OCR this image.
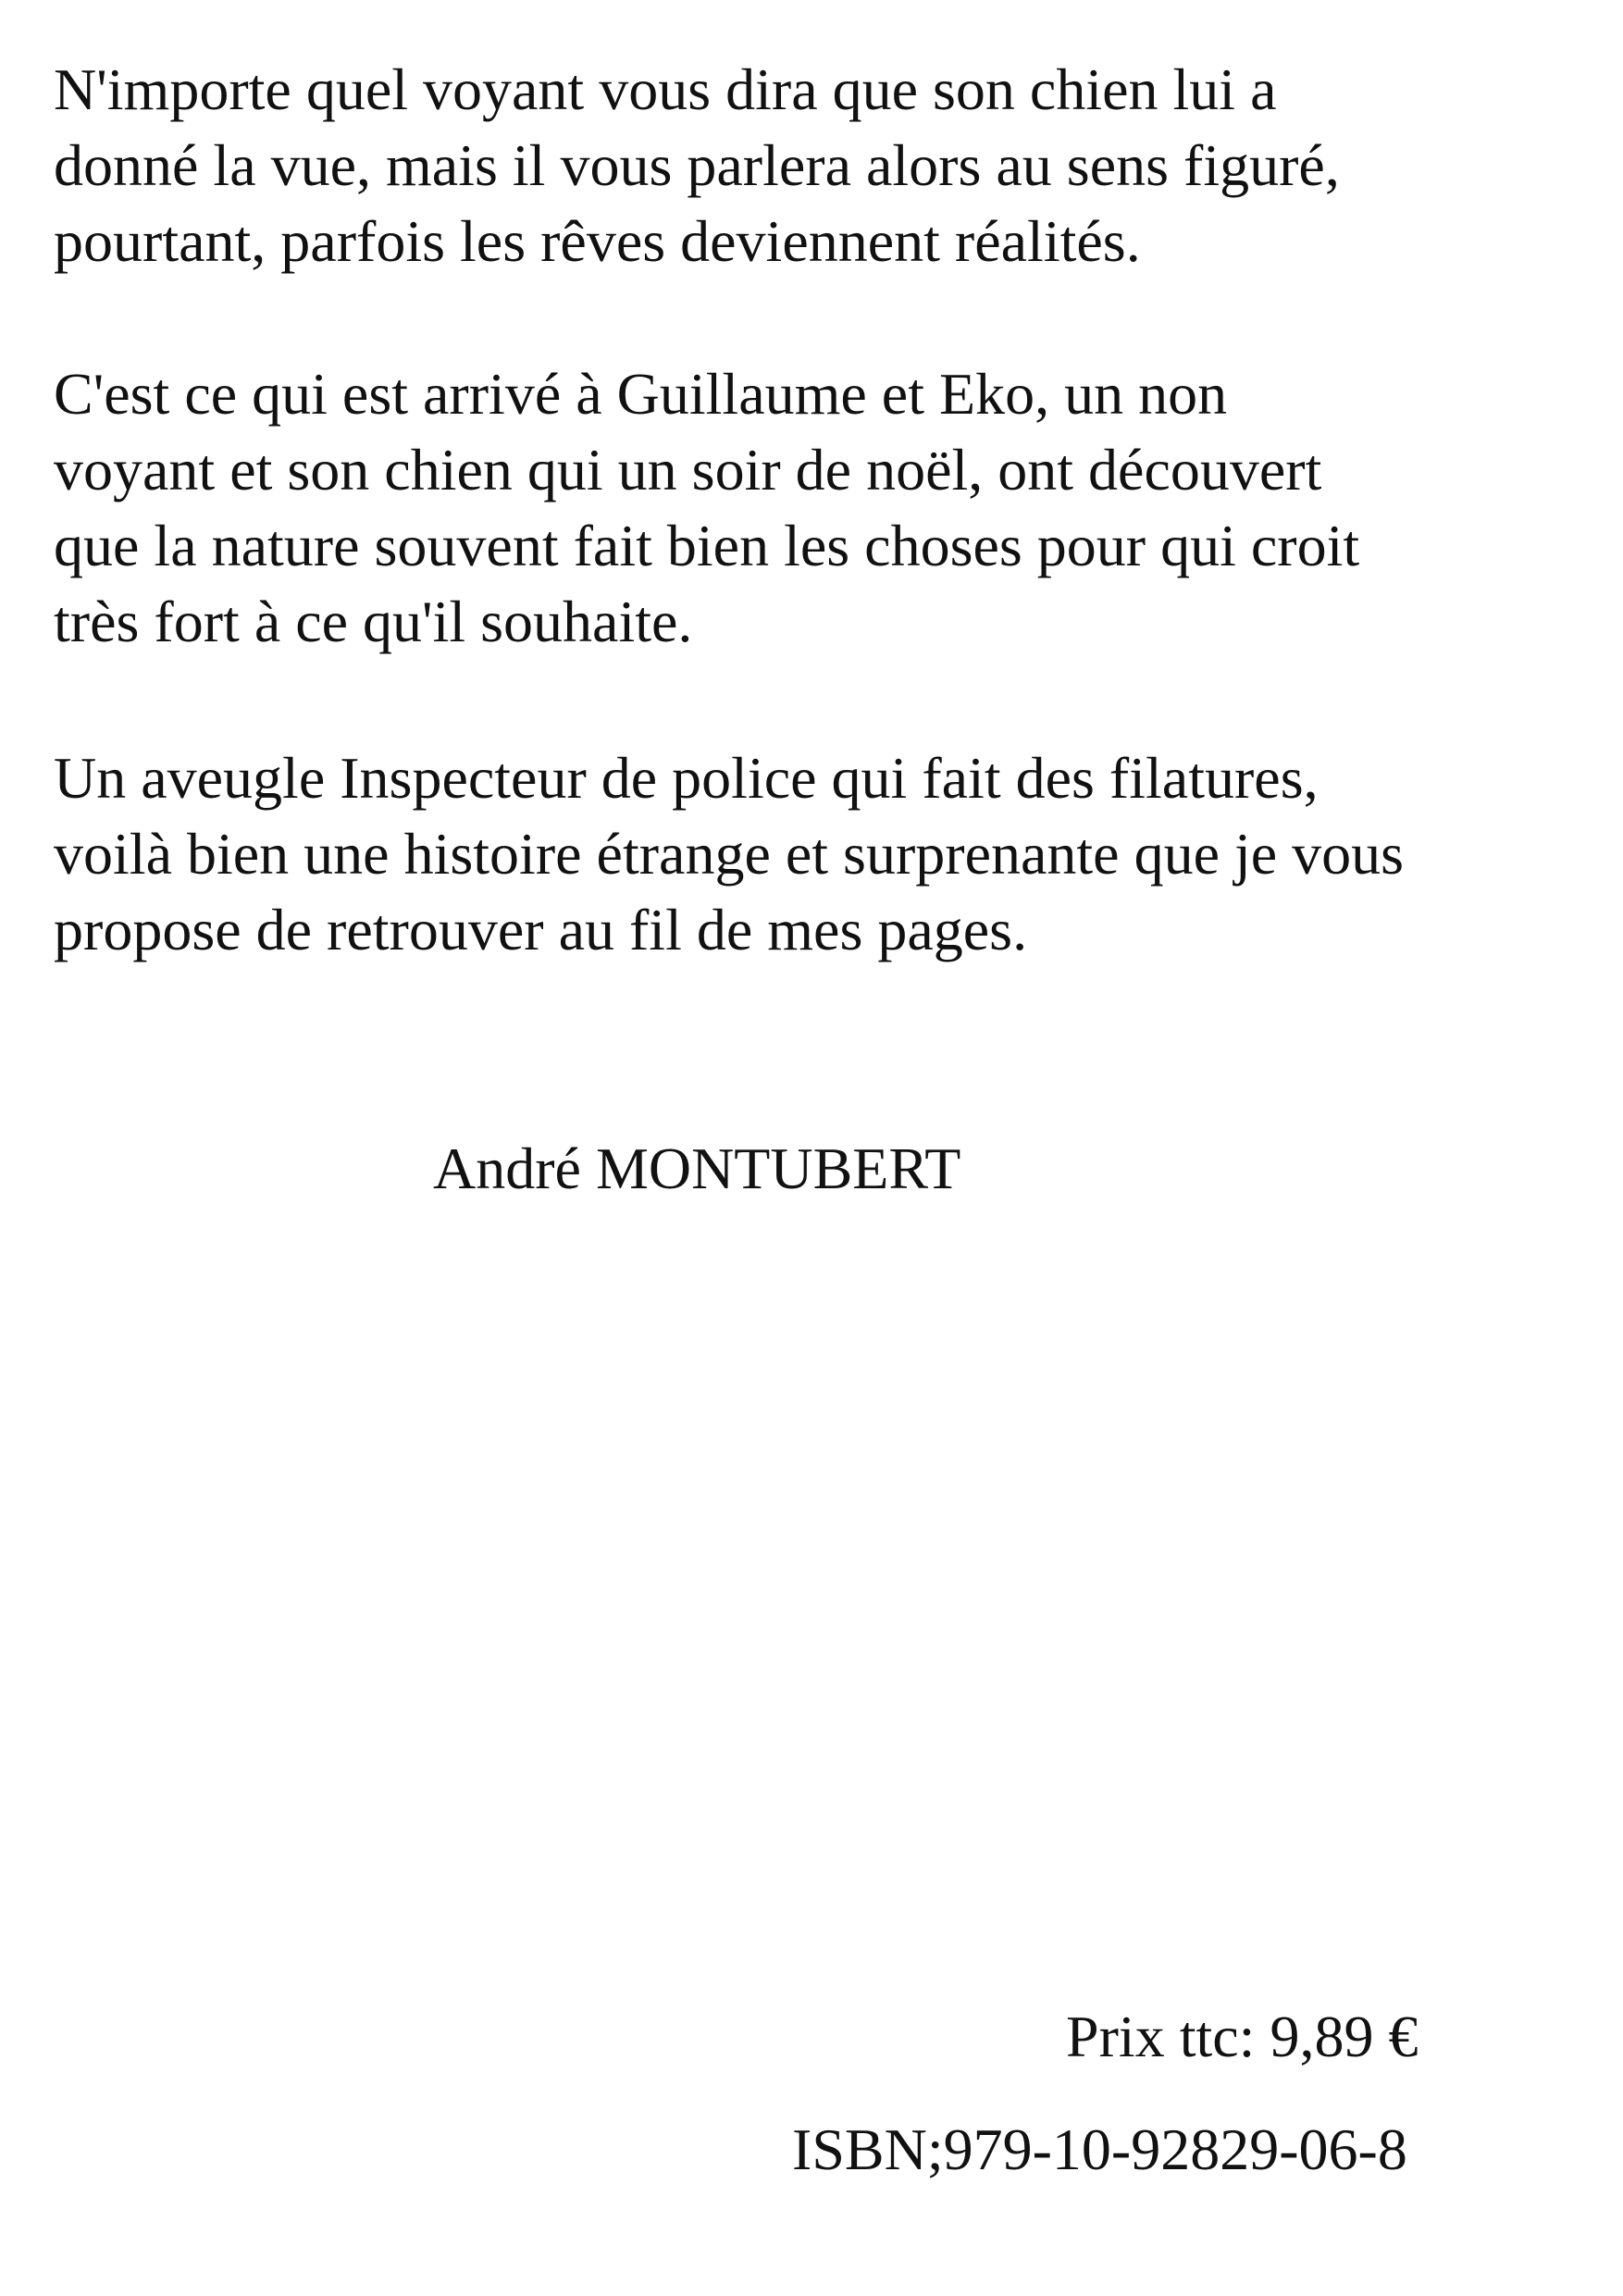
N'importe quel voyant vous dira que son chien lui a
donné la vue, mais il vous parlera alors au sens figuré,
pourtant, parfois les rêves deviennent réalités.

C'est ce qui est arrivé à Guillaume et Eko, un non
voyant et son chien qui un soir de noël, ont découvert
que la nature souvent fait bien les choses pour qui croit
très fort à ce qu'il souhaite.

Un aveugle Inspecteur de police qui fait des filatures,
voilà bien une histoire étrange et surprenante que je vous
propose de retrouver au fil de mes pages.

André MONTUBERT

Prix ttc: 9,89 €

ISBN;979-10-92829-06-8
